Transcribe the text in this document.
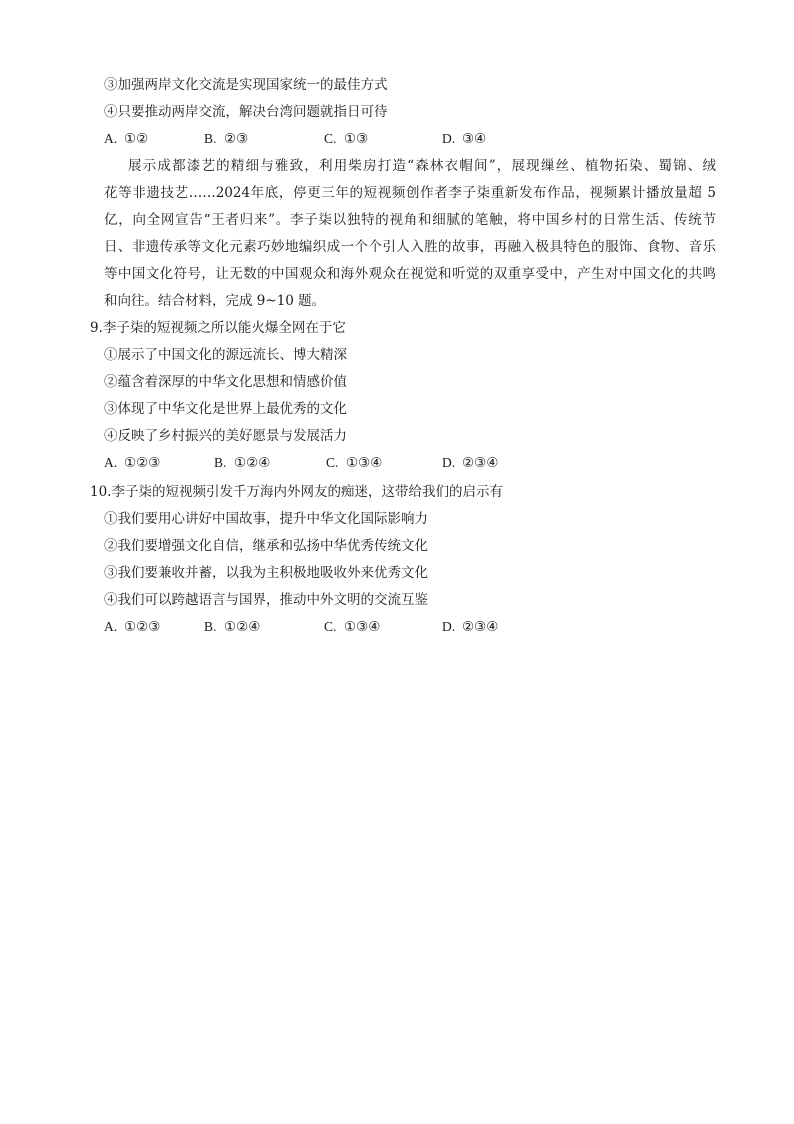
③加强两岸文化交流是实现国家统一的最佳方式
④只要推动两岸交流，解决台湾问题就指日可待
A. ①②	B. ②③	C. ①③	D. ③④
展示成都漆艺的精细与雅致，利用柴房打造“森林衣帽间”，展现缫丝、植物拓染、蜀锦、绒
花等非遗技艺……2024年底，停更三年的短视频创作者李子柒重新发布作品，视频累计播放量超 5
亿，向全网宣告“王者归来”。李子柒以独特的视角和细腻的笔触，将中国乡村的日常生活、传统节
日、非遗传承等文化元素巧妙地编织成一个个引人入胜的故事，再融入极具特色的服饰、食物、音乐
等中国文化符号，让无数的中国观众和海外观众在视觉和听觉的双重享受中，产生对中国文化的共鸣
和向往。结合材料，完成 9~10 题。
9.李子柒的短视频之所以能火爆全网在于它
①展示了中国文化的源远流长、博大精深
②蕴含着深厚的中华文化思想和情感价值
③体现了中华文化是世界上最优秀的文化
④反映了乡村振兴的美好愿景与发展活力
A. ①②③	B. ①②④	C. ①③④	D. ②③④
10.李子柒的短视频引发千万海内外网友的痴迷，这带给我们的启示有
①我们要用心讲好中国故事，提升中华文化国际影响力
②我们要增强文化自信，继承和弘扬中华优秀传统文化
③我们要兼收并蓄，以我为主积极地吸收外来优秀文化
④我们可以跨越语言与国界，推动中外文明的交流互鉴
A. ①②③	B. ①②④	C. ①③④	D. ②③④
